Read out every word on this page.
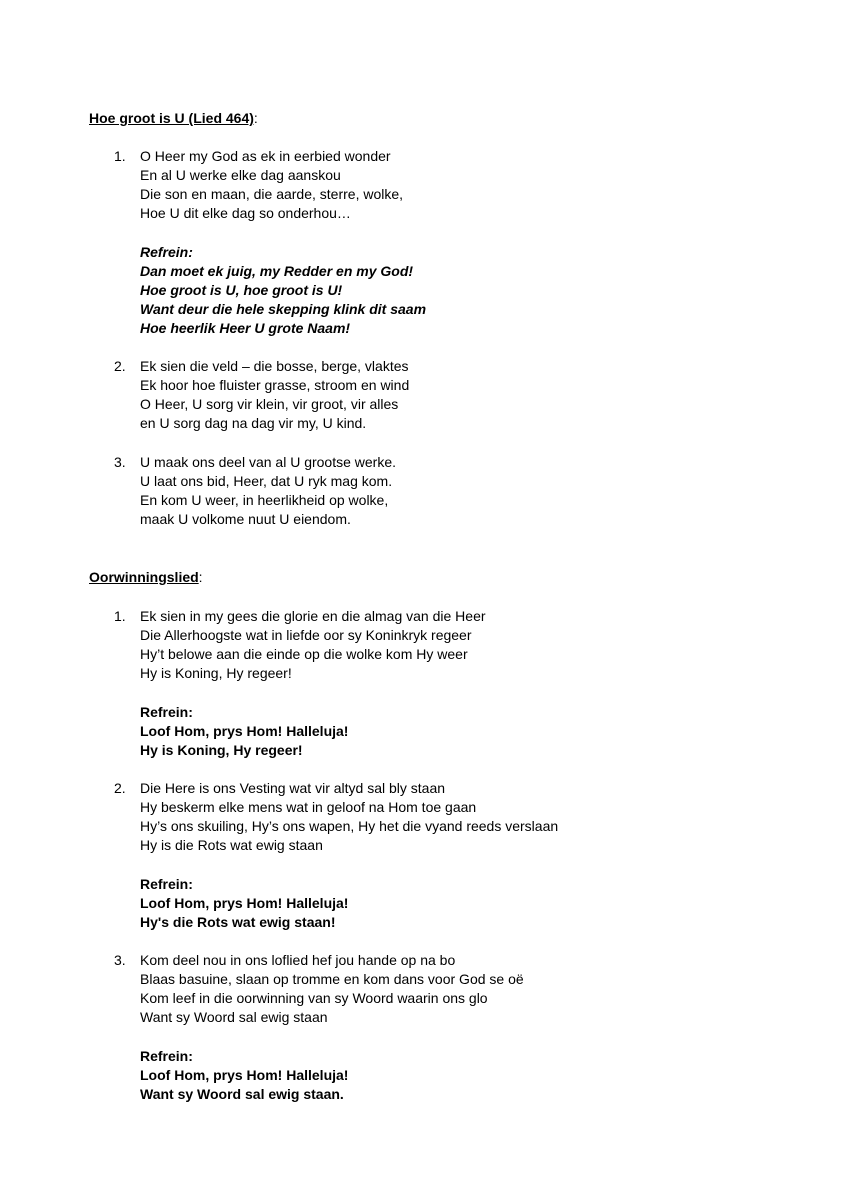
Hoe groot is U (Lied 464):
1. O Heer my God as ek in eerbied wonder
En al U werke elke dag aanskou
Die son en maan, die aarde, sterre, wolke,
Hoe U dit elke dag so onderhou…
Refrein:
Dan moet ek juig, my Redder en my God!
Hoe groot is U, hoe groot is U!
Want deur die hele skepping klink dit saam
Hoe heerlik Heer U grote Naam!
2. Ek sien die veld – die bosse, berge, vlaktes
Ek hoor hoe fluister grasse, stroom en wind
O Heer, U sorg vir klein, vir groot, vir alles
en U sorg dag na dag vir my, U kind.
3. U maak ons deel van al U grootse werke.
U laat ons bid, Heer, dat U ryk mag kom.
En kom U weer, in heerlikheid op wolke,
maak U volkome nuut U eiendom.
Oorwinningslied:
1. Ek sien in my gees die glorie en die almag van die Heer
Die Allerhoogste wat in liefde oor sy Koninkryk regeer
Hy’t belowe aan die einde op die wolke kom Hy weer
Hy is Koning, Hy regeer!
Refrein:
Loof Hom, prys Hom! Halleluja!
Hy is Koning, Hy regeer!
2. Die Here is ons Vesting wat vir altyd sal bly staan
Hy beskerm elke mens wat in geloof na Hom toe gaan
Hy’s ons skuiling, Hy’s ons wapen, Hy het die vyand reeds verslaan
Hy is die Rots wat ewig staan
Refrein:
Loof Hom, prys Hom! Halleluja!
Hy's die Rots wat ewig staan!
3. Kom deel nou in ons loflied hef jou hande op na bo
Blaas basuine, slaan op tromme en kom dans voor God se oë
Kom leef in die oorwinning van sy Woord waarin ons glo
Want sy Woord sal ewig staan
Refrein:
Loof Hom, prys Hom! Halleluja!
Want sy Woord sal ewig staan.
